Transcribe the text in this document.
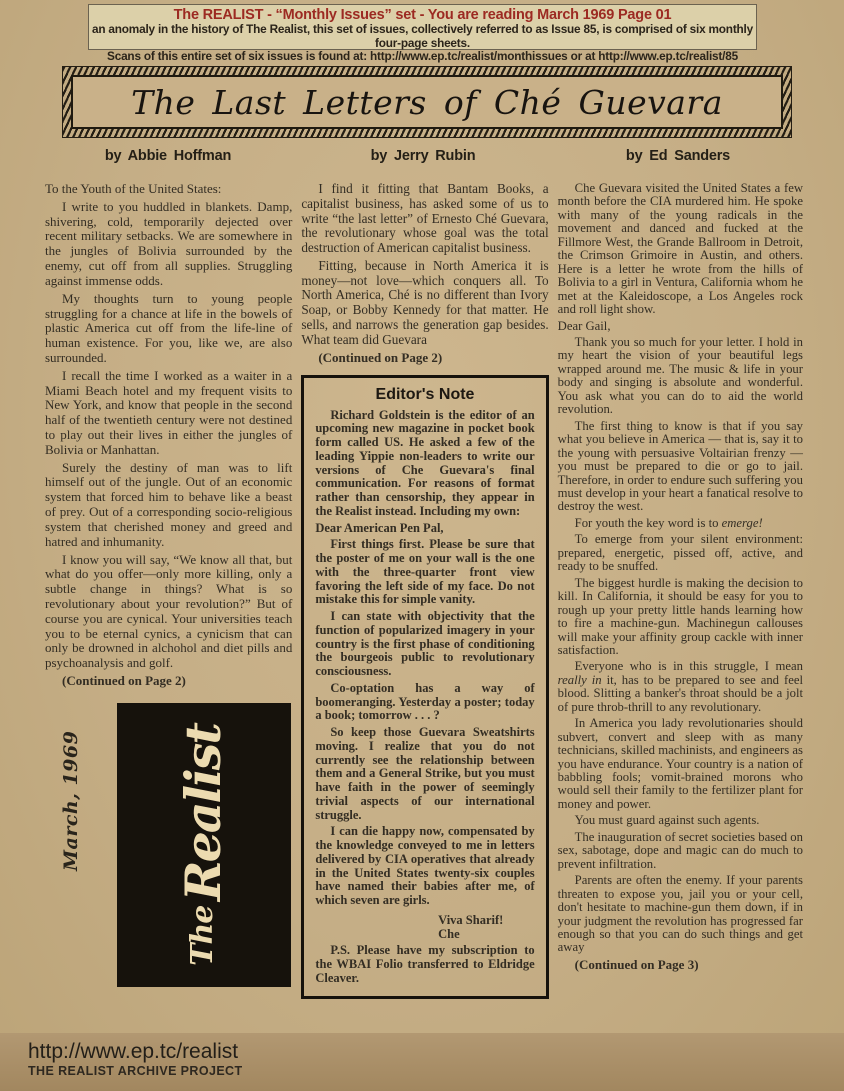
The REALIST - “Monthly Issues” set - You are reading March 1969 Page 01
an anomaly in the history of The Realist, this set of issues, collectively referred to as Issue 85, is comprised of six monthly four-page sheets.
Scans of this entire set of six issues is found at: http://www.ep.tc/realist/monthissues or at http://www.ep.tc/realist/85
The Last Letters of Ché Guevara
by Abbie Hoffman	by Jerry Rubin	by Ed Sanders

To the Youth of the United States:

I write to you huddled in blankets. Damp, shivering, cold, temporarily dejected over recent military setbacks. We are somewhere in the jungles of Bolivia surrounded by the enemy, cut off from all supplies. Struggling against immense odds.

My thoughts turn to young people struggling for a chance at life in the bowels of plastic America cut off from the life-line of human existence. For you, like we, are also surrounded.

I recall the time I worked as a waiter in a Miami Beach hotel and my frequent visits to New York, and know that people in the second half of the twentieth century were not destined to play out their lives in either the jungles of Bolivia or Manhattan.

Surely the destiny of man was to lift himself out of the jungle. Out of an economic system that forced him to behave like a beast of prey. Out of a corresponding socio-religious system that cherished money and greed and hatred and inhumanity.

I know you will say, “We know all that, but what do you offer—only more killing, only a subtle change in things? What is so revolutionary about your revolution?” But of course you are cynical. Your universities teach you to be eternal cynics, a cynicism that can only be drowned in alchohol and diet pills and psychoanalysis and golf.

(Continued on Page 2)

March, 1969
The Realist

I find it fitting that Bantam Books, a capitalist business, has asked some of us to write “the last letter” of Ernesto Ché Guevara, the revolutionary whose goal was the total destruction of American capitalist business.

Fitting, because in North America it is money—not love—which conquers all. To North America, Ché is no different than Ivory Soap, or Bobby Kennedy for that matter. He sells, and narrows the generation gap besides. What team did Guevara

(Continued on Page 2)

Editor's Note

Richard Goldstein is the editor of an upcoming new magazine in pocket book form called US. He asked a few of the leading Yippie non-leaders to write our versions of Che Guevara's final communication. For reasons of format rather than censorship, they appear in the Realist instead. Including my own:

Dear American Pen Pal,

First things first. Please be sure that the poster of me on your wall is the one with the three-quarter front view favoring the left side of my face. Do not mistake this for simple vanity.

I can state with objectivity that the function of popularized imagery in your country is the first phase of conditioning the bourgeois public to revolutionary consciousness.

Co-optation has a way of boomeranging. Yesterday a poster; today a book; tomorrow . . . ?

So keep those Guevara Sweatshirts moving. I realize that you do not currently see the relationship between them and a General Strike, but you must have faith in the power of seemingly trivial aspects of our international struggle.

I can die happy now, compensated by the knowledge conveyed to me in letters delivered by CIA operatives that already in the United States twenty-six couples have named their babies after me, of which seven are girls.

Viva Sharif!

Che

P.S. Please have my subscription to the WBAI Folio transferred to Eldridge Cleaver.

Che Guevara visited the United States a few month before the CIA murdered him. He spoke with many of the young radicals in the movement and danced and fucked at the Fillmore West, the Grande Ballroom in Detroit, the Crimson Grimoire in Austin, and others. Here is a letter he wrote from the hills of Bolivia to a girl in Ventura, California whom he met at the Kaleidoscope, a Los Angeles rock and roll light show.

Dear Gail,

Thank you so much for your letter. I hold in my heart the vision of your beautiful legs wrapped around me. The music & life in your body and singing is absolute and wonderful. You ask what you can do to aid the world revolution.

The first thing to know is that if you say what you believe in America — that is, say it to the young with persuasive Voltairian frenzy — you must be prepared to die or go to jail. Therefore, in order to endure such suffering you must develop in your heart a fanatical resolve to destroy the west.

For youth the key word is to emerge!

To emerge from your silent environment: prepared, energetic, pissed off, active, and ready to be snuffed.

The biggest hurdle is making the decision to kill. In California, it should be easy for you to rough up your pretty little hands learning how to fire a machine-gun. Machinegun callouses will make your affinity group cackle with inner satisfaction.

Everyone who is in this struggle, I mean really in it, has to be prepared to see and feel blood. Slitting a banker's throat should be a jolt of pure throb-thrill to any revolutionary.

In America you lady revolutionaries should subvert, convert and sleep with as many technicians, skilled machinists, and engineers as you have endurance. Your country is a nation of babbling fools; vomit-brained morons who would sell their family to the fertilizer plant for money and power.

You must guard against such agents.

The inauguration of secret societies based on sex, sabotage, dope and magic can do much to prevent infiltration.

Parents are often the enemy. If your parents threaten to expose you, jail you or your cell, don't hesitate to machine-gun them down, if in your judgment the revolution has progressed far enough so that you can do such things and get away

(Continued on Page 3)

http://www.ep.tc/realist
THE REALIST ARCHIVE PROJECT
